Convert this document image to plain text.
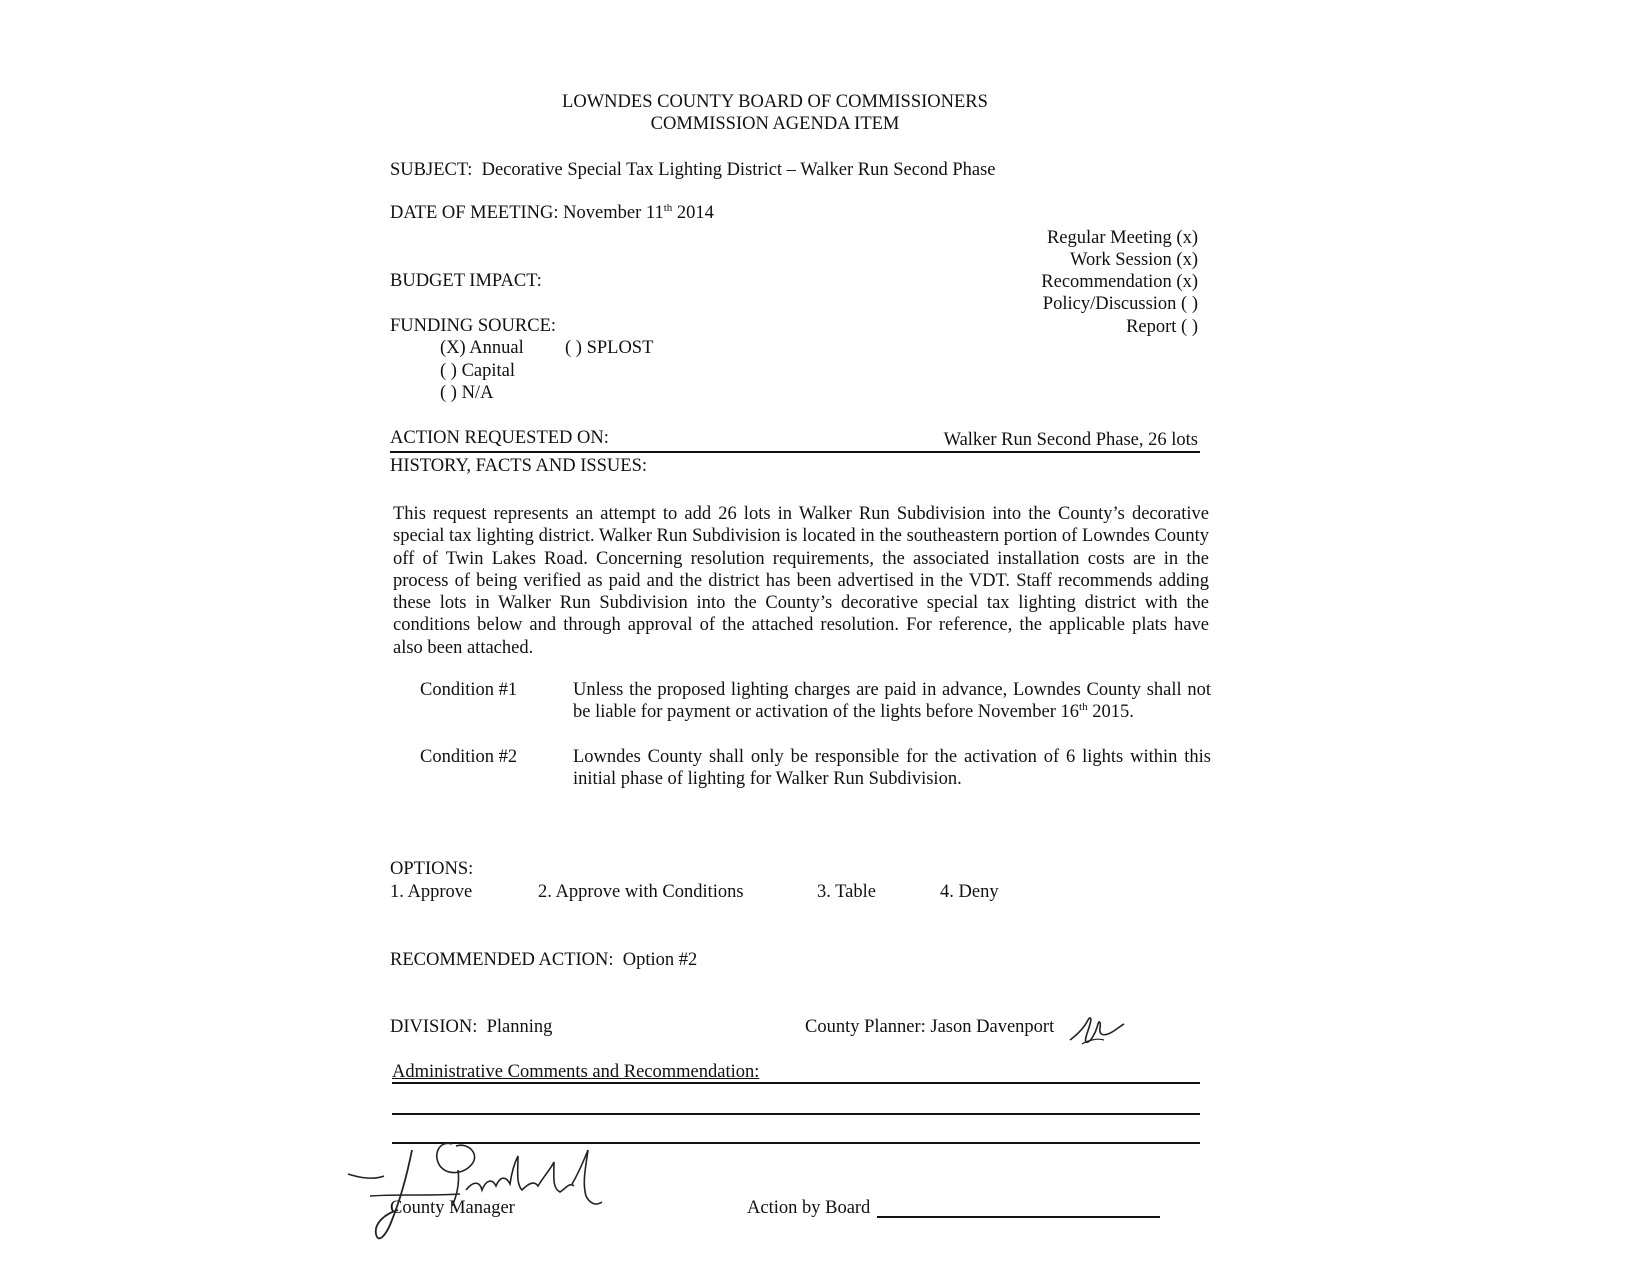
LOWNDES COUNTY BOARD OF COMMISSIONERS
COMMISSION AGENDA ITEM
SUBJECT: Decorative Special Tax Lighting District – Walker Run Second Phase
DATE OF MEETING: November 11th 2014
Regular Meeting (x)
Work Session (x)
Recommendation (x)
Policy/Discussion ( )
Report ( )
BUDGET IMPACT:
FUNDING SOURCE:
(X) Annual ( ) SPLOST
( ) Capital
( ) N/A
ACTION REQUESTED ON:	Walker Run Second Phase, 26 lots
HISTORY, FACTS AND ISSUES:
This request represents an attempt to add 26 lots in Walker Run Subdivision into the County’s decorative special tax lighting district. Walker Run Subdivision is located in the southeastern portion of Lowndes County off of Twin Lakes Road. Concerning resolution requirements, the associated installation costs are in the process of being verified as paid and the district has been advertised in the VDT. Staff recommends adding these lots in Walker Run Subdivision into the County’s decorative special tax lighting district with the conditions below and through approval of the attached resolution. For reference, the applicable plats have also been attached.
Condition #1	Unless the proposed lighting charges are paid in advance, Lowndes County shall not be liable for payment or activation of the lights before November 16th 2015.
Condition #2	Lowndes County shall only be responsible for the activation of 6 lights within this initial phase of lighting for Walker Run Subdivision.
OPTIONS:
1. Approve	2. Approve with Conditions	3. Table	4. Deny
RECOMMENDED ACTION: Option #2
DIVISION: Planning	County Planner: Jason Davenport
Administrative Comments and Recommendation:
County Manager	Action by Board
